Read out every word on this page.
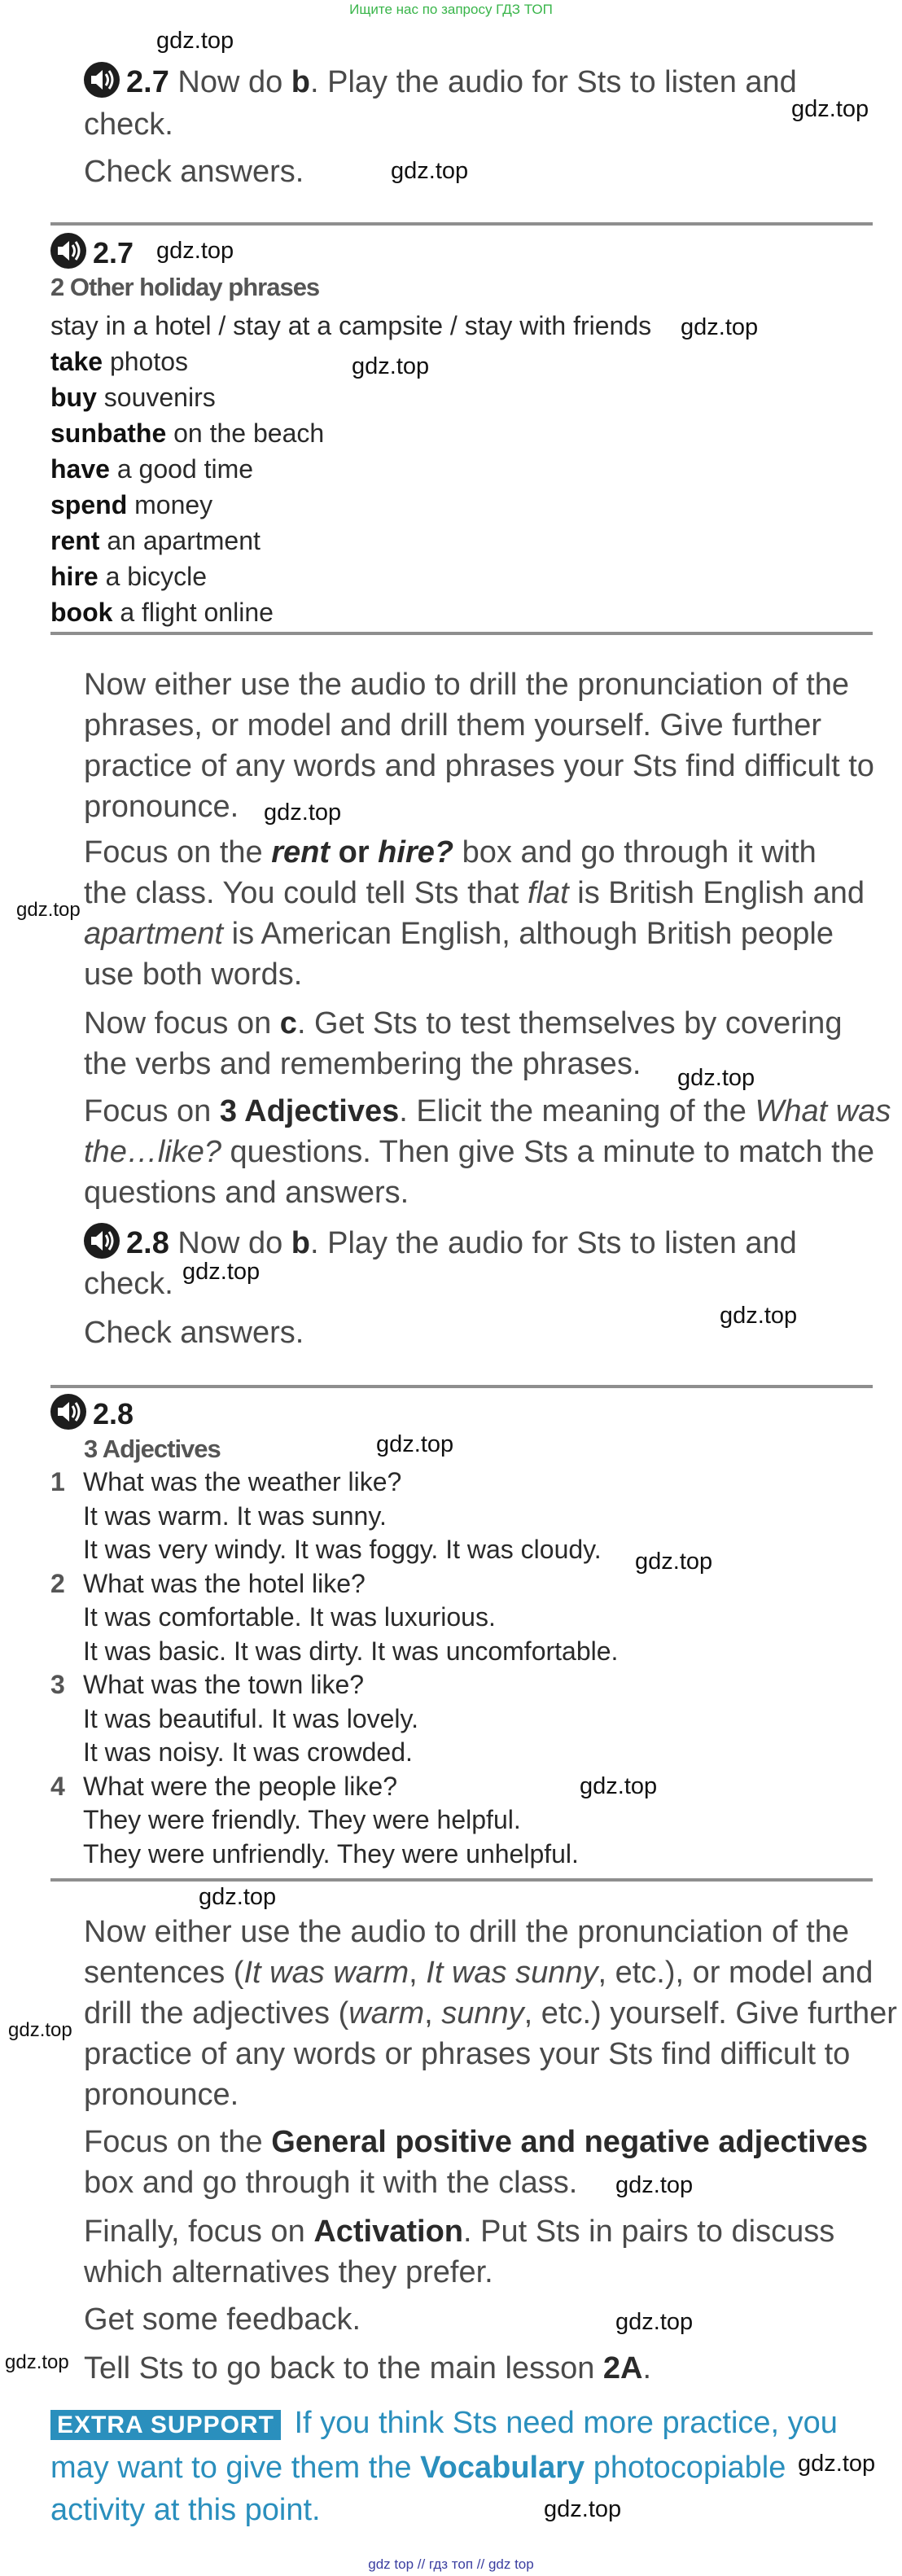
Ищите нас по запросу ГДЗ ТОП
2.7 Now do b. Play the audio for Sts to listen and
check.
Check answers.
2.7
2 Other holiday phrases
stay in a hotel / stay at a campsite / stay with friends
take photos
buy souvenirs
sunbathe on the beach
have a good time
spend money
rent an apartment
hire a bicycle
book a flight online
Now either use the audio to drill the pronunciation of the
phrases, or model and drill them yourself. Give further
practice of any words and phrases your Sts find difficult to
pronounce.
Focus on the rent or hire? box and go through it with
the class. You could tell Sts that flat is British English and
apartment is American English, although British people
use both words.
Now focus on c. Get Sts to test themselves by covering
the verbs and remembering the phrases.
Focus on 3 Adjectives. Elicit the meaning of the What was
the…like? questions. Then give Sts a minute to match the
questions and answers.
2.8 Now do b. Play the audio for Sts to listen and
check.
Check answers.
2.8
3 Adjectives
1 What was the weather like?
It was warm. It was sunny.
It was very windy. It was foggy. It was cloudy.
2 What was the hotel like?
It was comfortable. It was luxurious.
It was basic. It was dirty. It was uncomfortable.
3 What was the town like?
It was beautiful. It was lovely.
It was noisy. It was crowded.
4 What were the people like?
They were friendly. They were helpful.
They were unfriendly. They were unhelpful.
Now either use the audio to drill the pronunciation of the
sentences (It was warm, It was sunny, etc.), or model and
drill the adjectives (warm, sunny, etc.) yourself. Give further
practice of any words or phrases your Sts find difficult to
pronounce.
Focus on the General positive and negative adjectives
box and go through it with the class.
Finally, focus on Activation. Put Sts in pairs to discuss
which alternatives they prefer.
Get some feedback.
Tell Sts to go back to the main lesson 2A.
EXTRA SUPPORT If you think Sts need more practice, you
may want to give them the Vocabulary photocopiable
activity at this point.
gdz.top
gdz.top
gdz.top
gdz.top
gdz.top
gdz.top
gdz.top
gdz.top
gdz.top
gdz.top
gdz.top
gdz.top
gdz.top
gdz.top
gdz.top
gdz.top
gdz.top
gdz.top
gdz.top
gdz.top
gdz.top
gdz top // гдз топ // gdz top
